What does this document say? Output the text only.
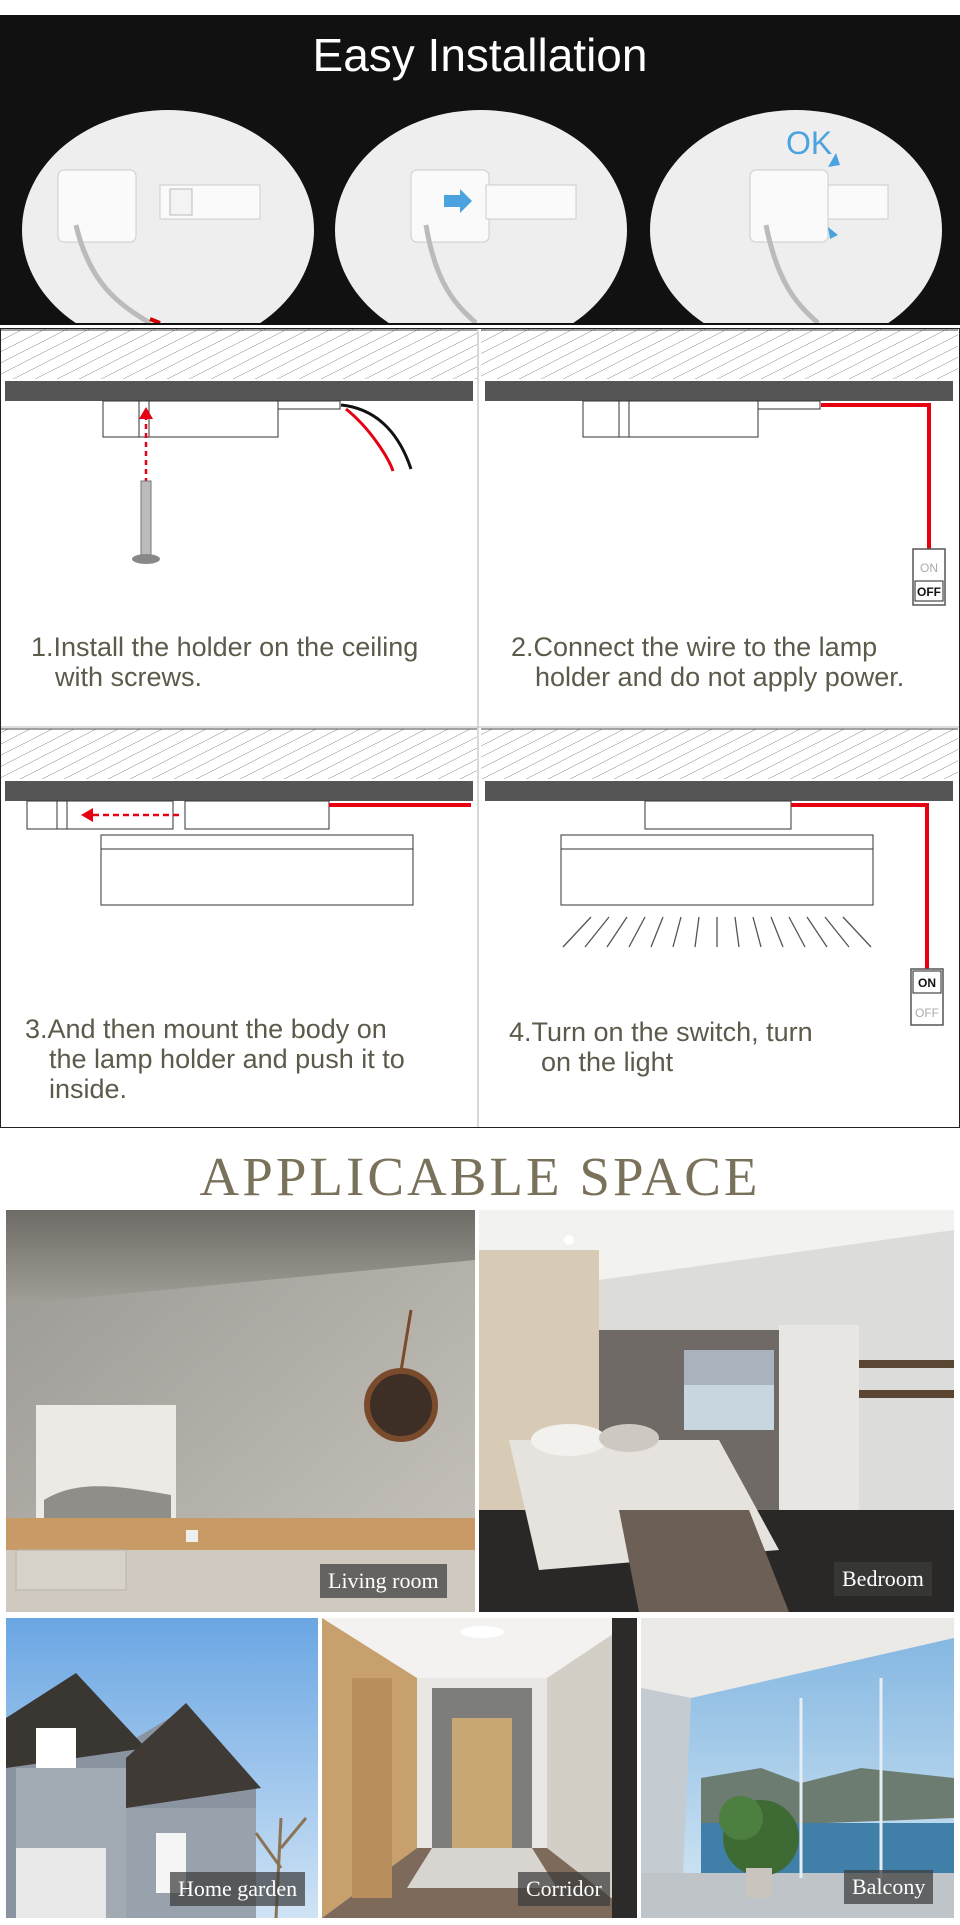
Easy Installation
OK
ON
OFF
ON
OFF
1.Install the holder on the ceiling
with screws.
2.Connect the wire to the lamp
holder and do not apply power.
3.And then mount the body on
the lamp holder and push it to
inside.
4.Turn on the switch, turn
on the light
APPLICABLE SPACE
Living room	Bedroom
Home garden	Corridor	Balcony
